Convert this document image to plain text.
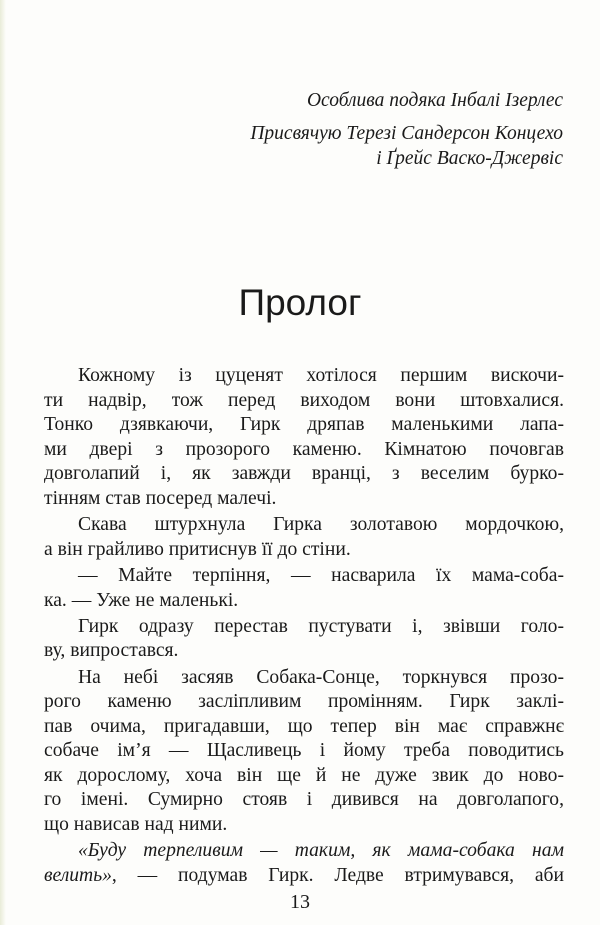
Особлива подяка Інбалі Ізерлес
Присвячую Терезі Сандерсон Концехо
і Ґрейс Васко-Джервіс
Пролог
Кожному із цуценят хотілося першим вискочи-
ти надвір, тож перед виходом вони штовхалися.
Тонко дзявкаючи, Гирк дряпав маленькими лапа-
ми двері з прозорого каменю. Кімнатою почовгав
довголапий і, як завжди вранці, з веселим бурко-
тінням став посеред малечі.
Скава штурхнула Гирка золотавою мордочкою,
а він грайливо притиснув її до стіни.
— Майте терпіння, — насварила їх мама-соба-
ка. — Уже не маленькі.
Гирк одразу перестав пустувати і, звівши голо-
ву, випростався.
На небі засяяв Собака-Сонце, торкнувся прозо-
рого каменю засліпливим промінням. Гирк заклі-
пав очима, пригадавши, що тепер він має справжнє
собаче ім’я — Щасливець і йому треба поводитись
як дорослому, хоча він ще й не дуже звик до ново-
го імені. Сумирно стояв і дивився на довголапого,
що нависав над ними.
«Буду терпеливим — таким, як мама-собака нам
велить», — подумав Гирк. Ледве втримувався, аби
13
